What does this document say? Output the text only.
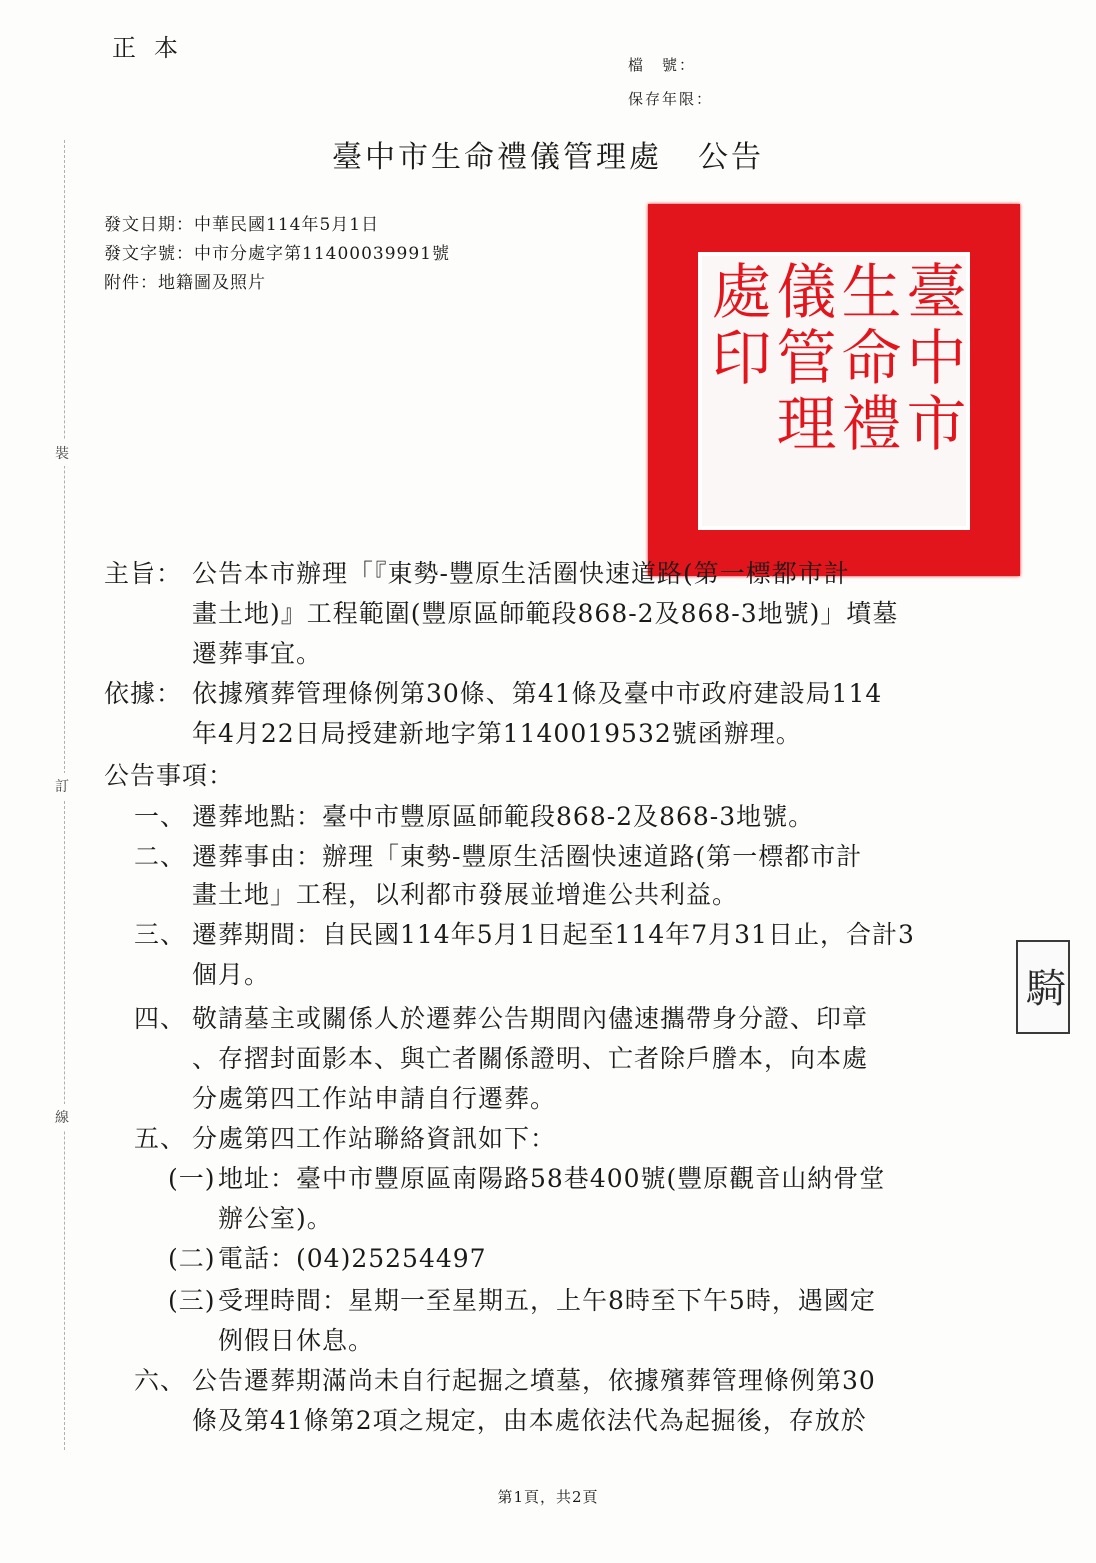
正本
檔　號：
保存年限：
裝
訂
線
臺中市生命禮儀管理處 公告
發文日期：中華民國114年5月1日
發文字號：中市分處字第11400039991號
附件：地籍圖及照片	臺中市
生命禮
儀管理
處印
騎
主旨： 公告本市辦理「『東勢-豐原生活圈快速道路(第一標都市計
畫土地)』工程範圍(豐原區師範段868-2及868-3地號)」墳墓
遷葬事宜。
依據： 依據殯葬管理條例第30條、第41條及臺中市政府建設局114
年4月22日局授建新地字第1140019532號函辦理。
公告事項：
一、 遷葬地點：臺中市豐原區師範段868-2及868-3地號。
二、 遷葬事由：辦理「東勢-豐原生活圈快速道路(第一標都市計
畫土地」工程，以利都市發展並增進公共利益。
三、 遷葬期間：自民國114年5月1日起至114年7月31日止，合計3
個月。
四、 敬請墓主或關係人於遷葬公告期間內儘速攜帶身分證、印章
、存摺封面影本、與亡者關係證明、亡者除戶謄本，向本處
分處第四工作站申請自行遷葬。
五、 分處第四工作站聯絡資訊如下：
(一) 地址：臺中市豐原區南陽路58巷400號(豐原觀音山納骨堂
辦公室)。
(二) 電話：(04)25254497
(三) 受理時間：星期一至星期五，上午8時至下午5時，遇國定
例假日休息。
六、 公告遷葬期滿尚未自行起掘之墳墓，依據殯葬管理條例第30
條及第41條第2項之規定，由本處依法代為起掘後，存放於
第1頁，共2頁
